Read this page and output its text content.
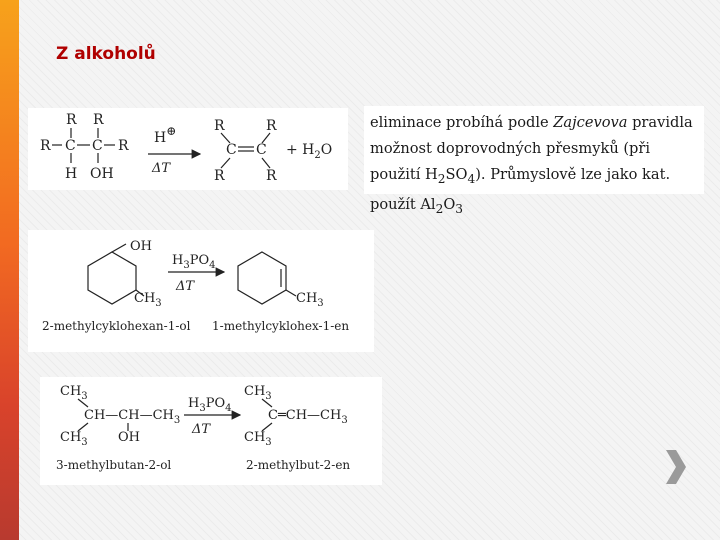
Z alkoholů
R R
R C C R
H OH
H⊕
ΔT
R	R
C C
R	R
+ $H_2O$

eliminace probíhá podle Zajcevova pravidla možnost doprovodných přesmyků (při použití $H_2SO_4$). Průmyslově lze jako kat. použít $Al_2O_3$

OH
$CH_3$
$H_3PO_4$
ΔT
$CH_3$
2-methylcyklohexan-1-ol 1-methylcyklohex-1-en
$CH_3$
$CH—CH—CH_3$
$CH_3$ OH
$H_3PO_4$
ΔT
$CH_3$
$C═CH—CH_3$
$CH_3$
3-methylbutan-2-ol	2-methylbut-2-en
